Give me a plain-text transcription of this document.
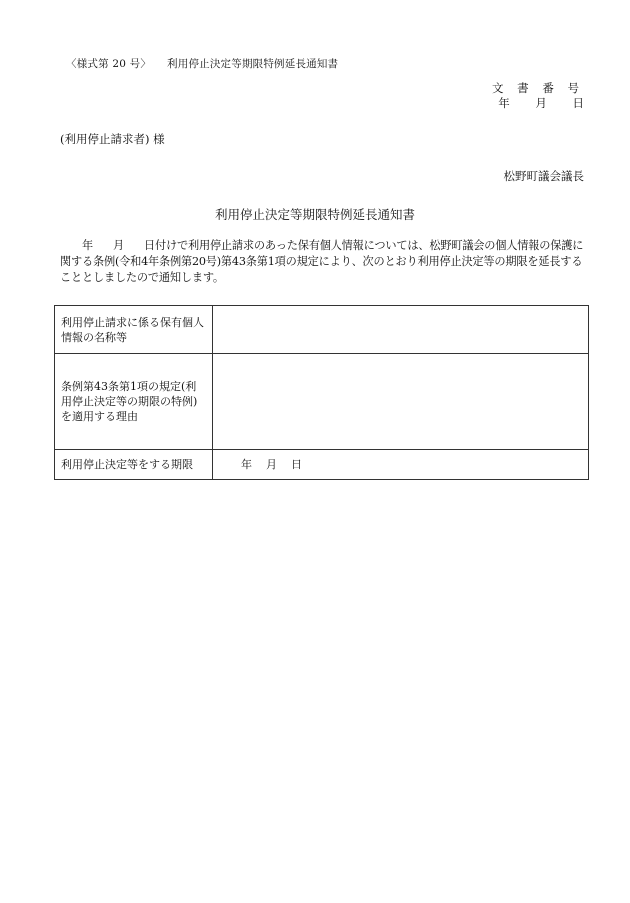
〈様式第 20 号〉 利用停止決定等期限特例延長通知書
文 書 番 号
年 月 日
(利用停止請求者) 様
松野町議会議長
利用停止決定等期限特例延長通知書
年 月 日付けで利用停止請求のあった保有個人情報については、松野町議会の個人情報の保護に関する条例(令和4年条例第20号)第43条第1項の規定により、次のとおり利用停止決定等の期限を延長することとしましたので通知します。
利用停止請求に係る保有個人情報の名称等	
条例第43条第1項の規定(利用停止決定等の期限の特例)を適用する理由	
利用停止決定等をする期限	年 月 日
